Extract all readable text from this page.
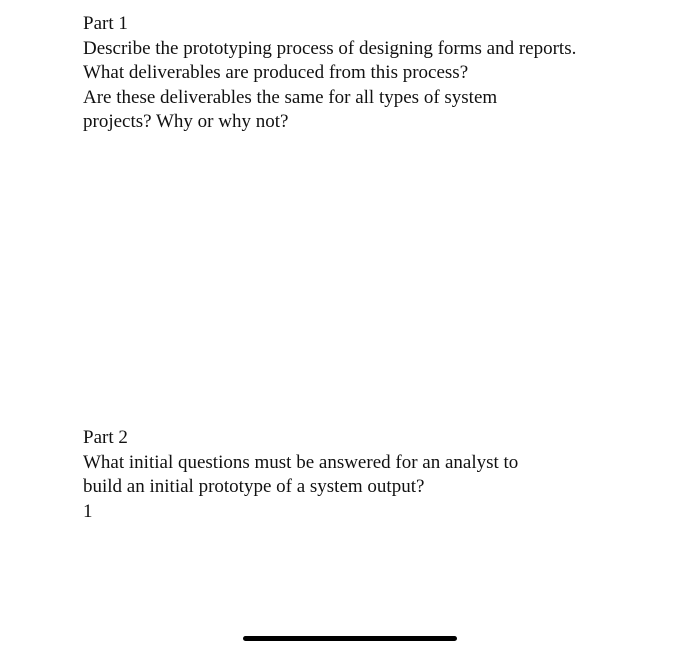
Part 1
Describe the prototyping process of designing forms and reports.
What deliverables are produced from this process?
Are these deliverables the same for all types of system
projects? Why or why not?
Part 2
What initial questions must be answered for an analyst to
build an initial prototype of a system output?
1
